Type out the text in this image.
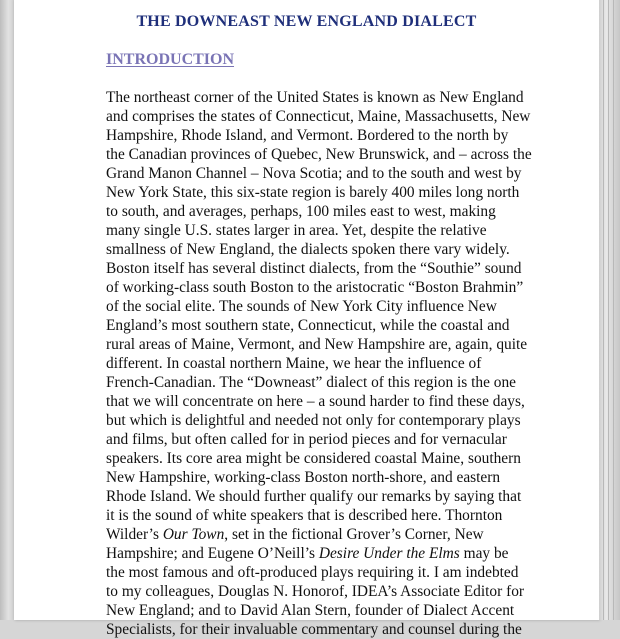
THE DOWNEAST NEW ENGLAND DIALECT
INTRODUCTION
The northeast corner of the United States is known as New England
and comprises the states of Connecticut, Maine, Massachusetts, New
Hampshire, Rhode Island, and Vermont. Bordered to the north by
the Canadian provinces of Quebec, New Brunswick, and – across the
Grand Manon Channel – Nova Scotia; and to the south and west by
New York State, this six-state region is barely 400 miles long north
to south, and averages, perhaps, 100 miles east to west, making
many single U.S. states larger in area. Yet, despite the relative
smallness of New England, the dialects spoken there vary widely.
Boston itself has several distinct dialects, from the “Southie” sound
of working-class south Boston to the aristocratic “Boston Brahmin”
of the social elite. The sounds of New York City influence New
England’s most southern state, Connecticut, while the coastal and
rural areas of Maine, Vermont, and New Hampshire are, again, quite
different. In coastal northern Maine, we hear the influence of
French-Canadian. The “Downeast” dialect of this region is the one
that we will concentrate on here – a sound harder to find these days,
but which is delightful and needed not only for contemporary plays
and films, but often called for in period pieces and for vernacular
speakers. Its core area might be considered coastal Maine, southern
New Hampshire, working-class Boston north-shore, and eastern
Rhode Island. We should further qualify our remarks by saying that
it is the sound of white speakers that is described here. Thornton
Wilder’s Our Town, set in the fictional Grover’s Corner, New
Hampshire; and Eugene O’Neill’s Desire Under the Elms may be
the most famous and oft-produced plays requiring it. I am indebted
to my colleagues, Douglas N. Honorof, IDEA’s Associate Editor for
New England; and to David Alan Stern, founder of Dialect Accent
Specialists, for their invaluable commentary and counsel during the
